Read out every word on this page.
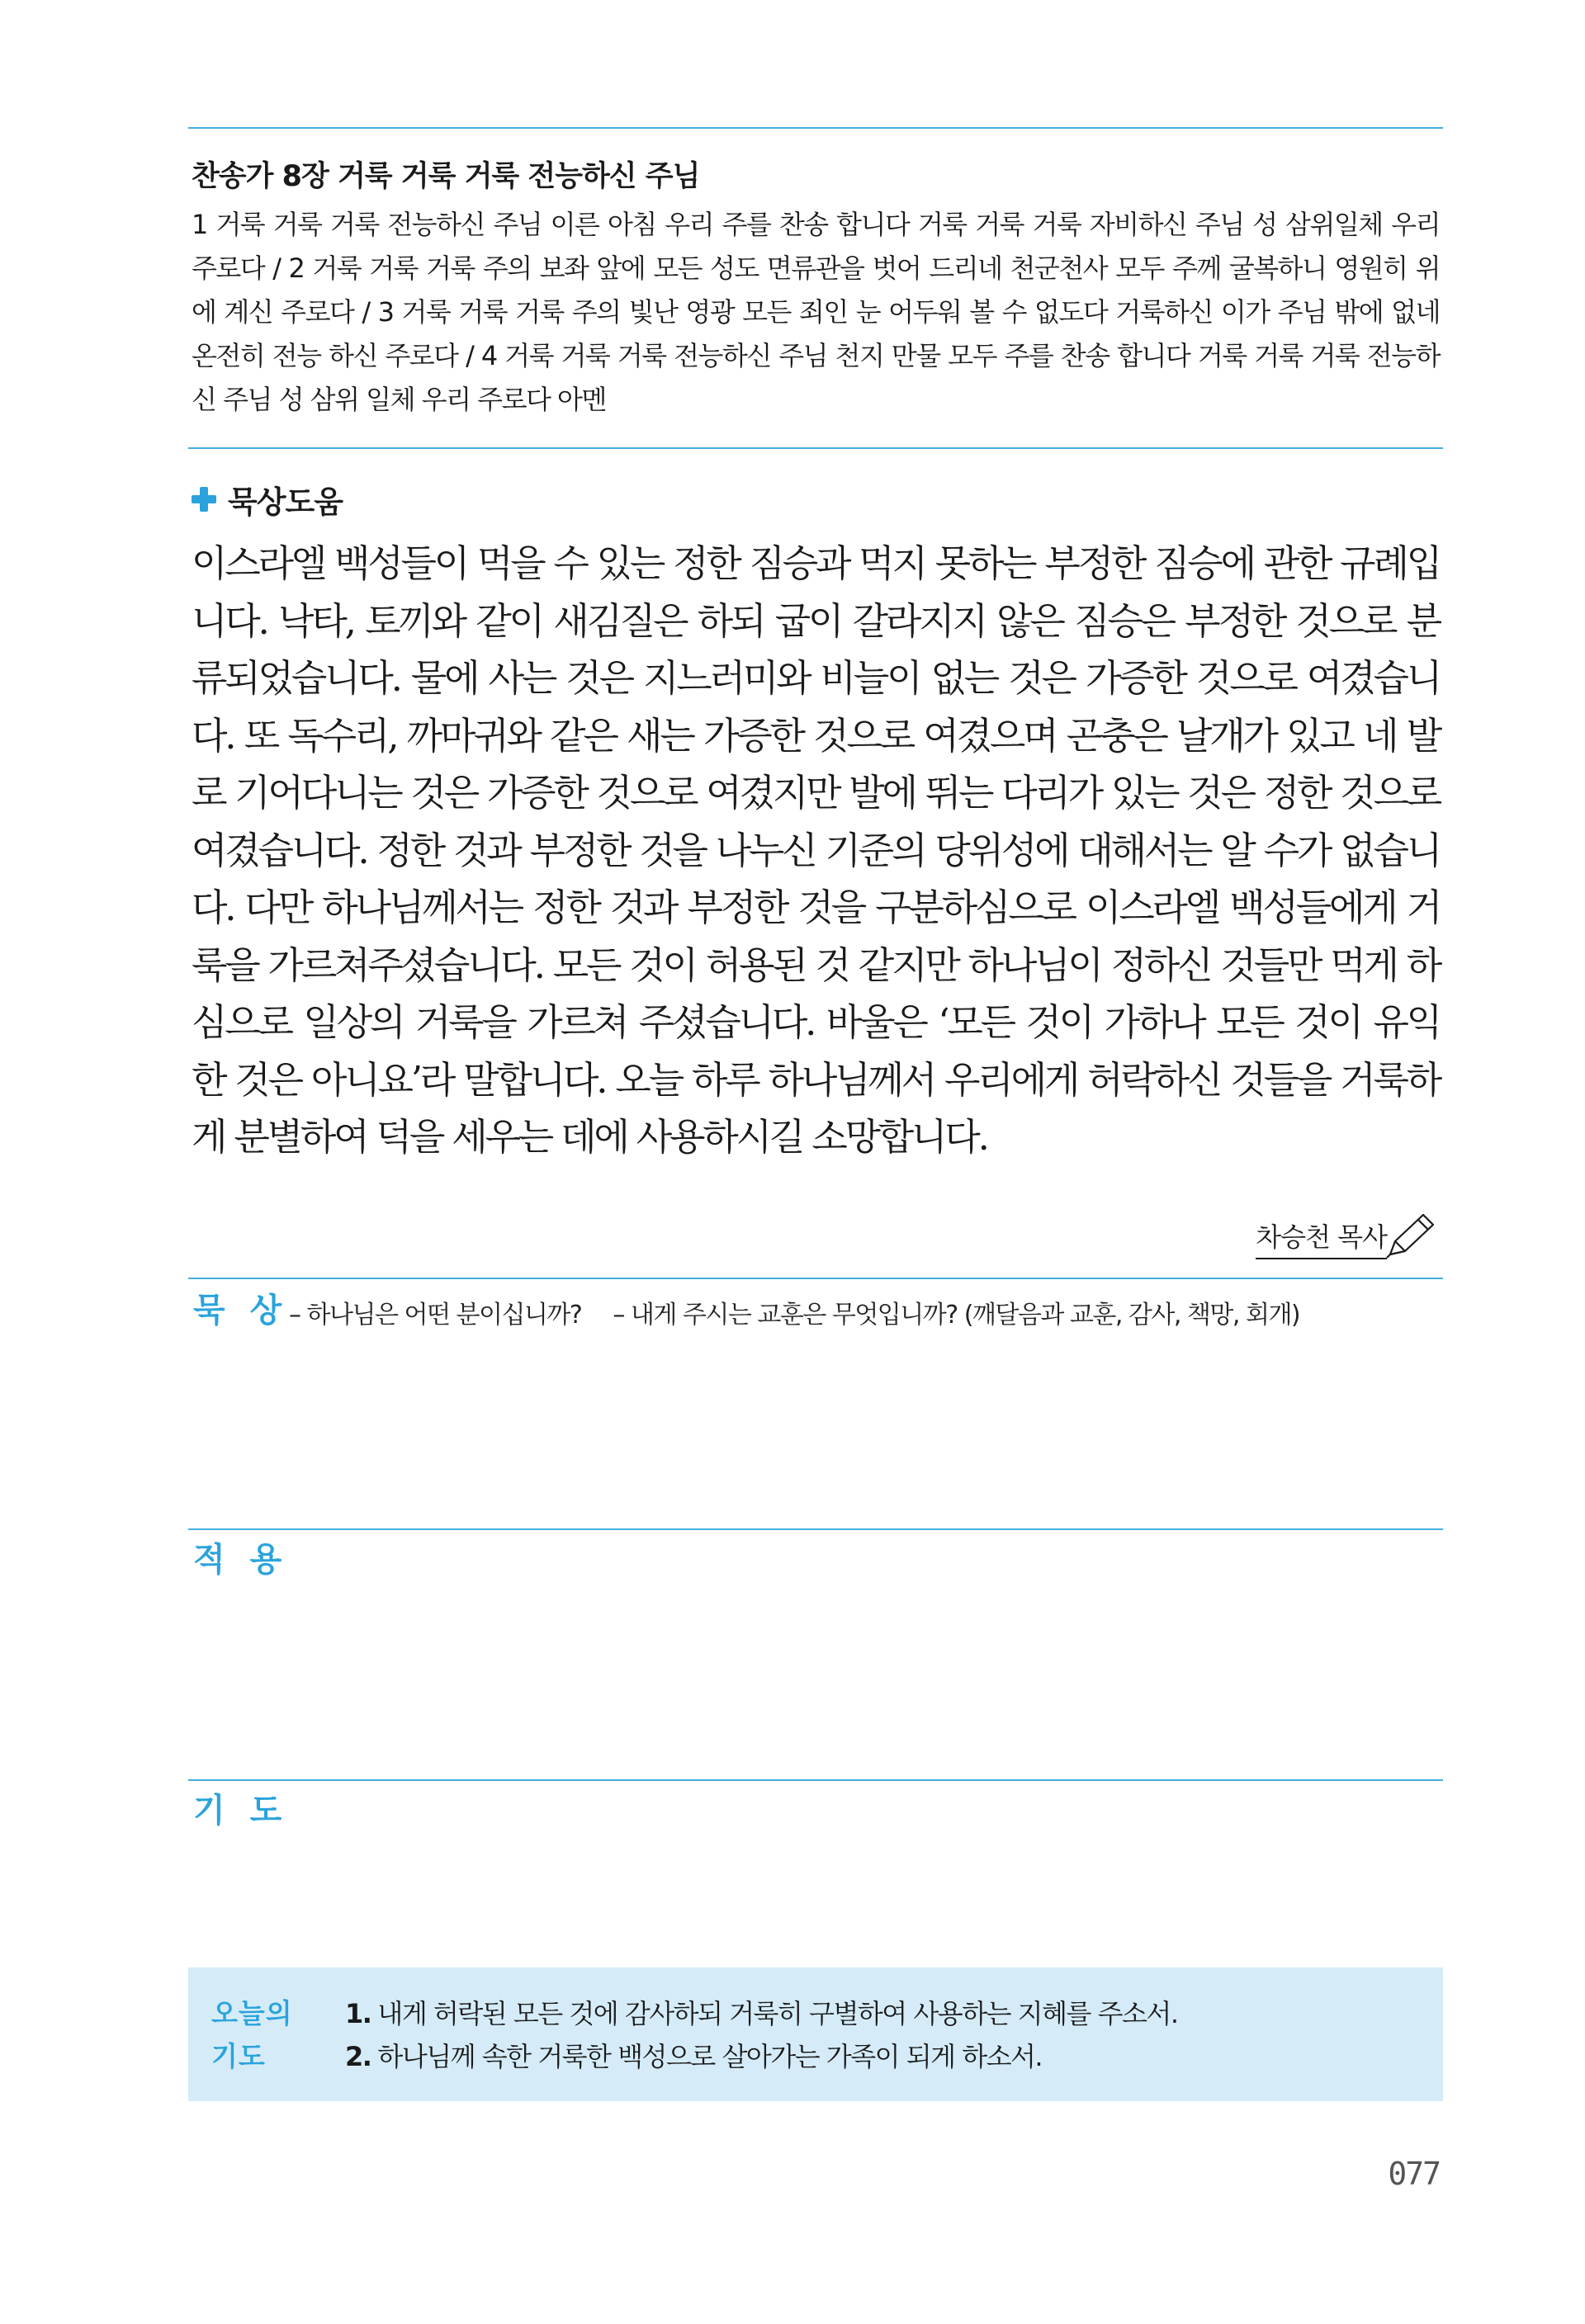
찬송가 8장 거룩 거룩 거룩 전능하신 주님

1 거룩 거룩 거룩 전능하신 주님 이른 아침 우리 주를 찬송 합니다 거룩 거룩 거룩 자비하신 주님 성 삼위일체 우리 주로다 / 2 거룩 거룩 거룩 주의 보좌 앞에 모든 성도 면류관을 벗어 드리네 천군천사 모두 주께 굴복하니 영원히 위에 계신 주로다 / 3 거룩 거룩 거룩 주의 빛난 영광 모든 죄인 눈 어두워 볼 수 없도다 거룩하신 이가 주님 밖에 없네 온전히 전능 하신 주로다 / 4 거룩 거룩 거룩 전능하신 주님 천지 만물 모두 주를 찬송 합니다 거룩 거룩 거룩 전능하신 주님 성 삼위 일체 우리 주로다 아멘

묵상도움

이스라엘 백성들이 먹을 수 있는 정한 짐승과 먹지 못하는 부정한 짐승에 관한 규례입니다. 낙타, 토끼와 같이 새김질은 하되 굽이 갈라지지 않은 짐승은 부정한 것으로 분류되었습니다. 물에 사는 것은 지느러미와 비늘이 없는 것은 가증한 것으로 여겼습니다. 또 독수리, 까마귀와 같은 새는 가증한 것으로 여겼으며 곤충은 날개가 있고 네 발로 기어다니는 것은 가증한 것으로 여겼지만 발에 뛰는 다리가 있는 것은 정한 것으로 여겼습니다. 정한 것과 부정한 것을 나누신 기준의 당위성에 대해서는 알 수가 없습니다. 다만 하나님께서는 정한 것과 부정한 것을 구분하심으로 이스라엘 백성들에게 거룩을 가르쳐주셨습니다. 모든 것이 허용된 것 같지만 하나님이 정하신 것들만 먹게 하심으로 일상의 거룩을 가르쳐 주셨습니다. 바울은 ‘모든 것이 가하나 모든 것이 유익한 것은 아니요’라 말합니다. 오늘 하루 하나님께서 우리에게 허락하신 것들을 거룩하게 분별하여 덕을 세우는 데에 사용하시길 소망합니다.

차승천 목사
묵 상 – 하나님은 어떤 분이십니까? – 내게 주시는 교훈은 무엇입니까? (깨달음과 교훈, 감사, 책망, 회개)
적 용
기 도

오늘의 기도

1. 내게 허락된 모든 것에 감사하되 거룩히 구별하여 사용하는 지혜를 주소서.
2. 하나님께 속한 거룩한 백성으로 살아가는 가족이 되게 하소서.
077
